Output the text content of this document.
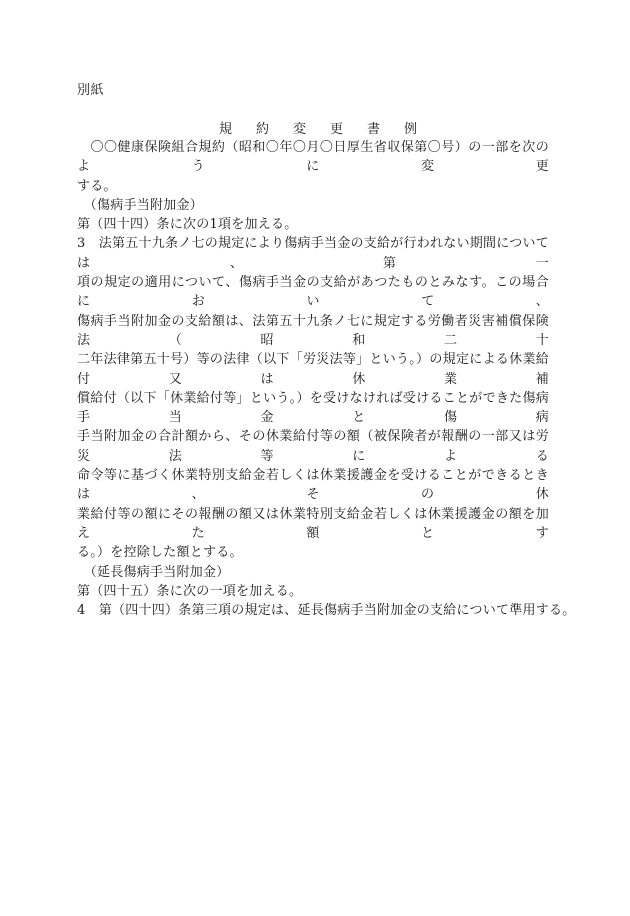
別紙
規約変更書例
　〇〇健康保険組合規約（昭和〇年〇月〇日厚生省収保第〇号）の一部を次のように変更
する。
　（傷病手当附加金）
第（四十四）条に次の1項を加える。
3　法第五十九条ノ七の規定により傷病手当金の支給が行われない期間については、第一
項の規定の適用について、傷病手当金の支給があつたものとみなす。この場合において、
傷病手当附加金の支給額は、法第五十九条ノ七に規定する労働者災害補償保険法（昭和二十
二年法律第五十号）等の法律（以下「労災法等」という。）の規定による休業給付又は休業補
償給付（以下「休業給付等」という。）を受けなければ受けることができた傷病手当金と傷病
手当附加金の合計額から、その休業給付等の額（被保険者が報酬の一部又は労災法等による
命令等に基づく休業特別支給金若しくは休業援護金を受けることができるときは、その休
業給付等の額にその報酬の額又は休業特別支給金若しくは休業援護金の額を加えた額とす
る。）を控除した額とする。
　（延長傷病手当附加金）
第（四十五）条に次の一項を加える。
4　第（四十四）条第三項の規定は、延長傷病手当附加金の支給について準用する。
